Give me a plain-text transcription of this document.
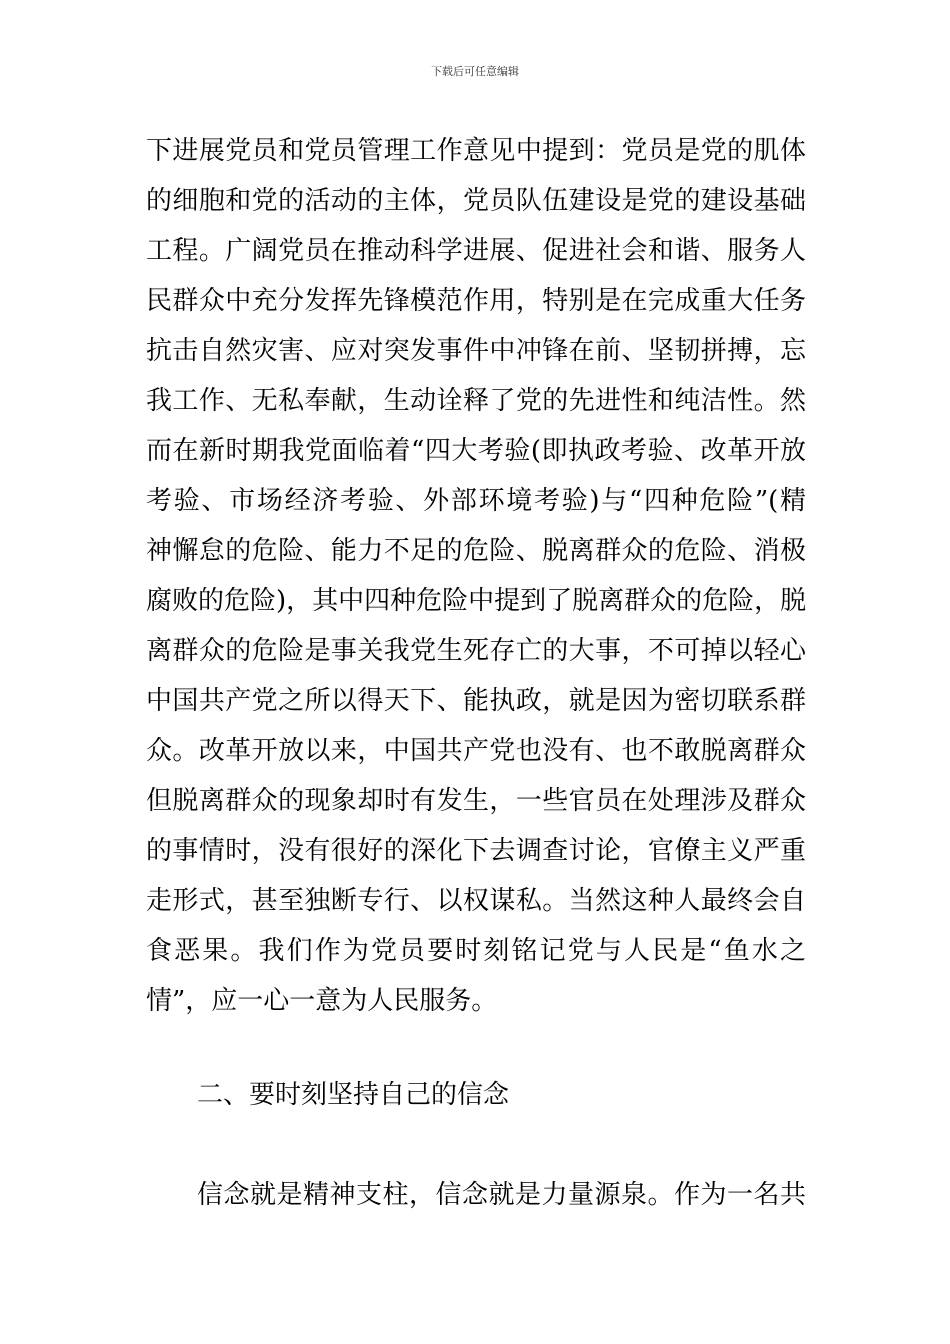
下载后可任意编辑
下进展党员和党员管理工作意见中提到：党员是党的肌体
的细胞和党的活动的主体，党员队伍建设是党的建设基础
工程。广阔党员在推动科学进展、促进社会和谐、服务人
民群众中充分发挥先锋模范作用，特别是在完成重大任务
抗击自然灾害、应对突发事件中冲锋在前、坚韧拼搏，忘
我工作、无私奉献，生动诠释了党的先进性和纯洁性。然
而在新时期我党面临着“四大考验(即执政考验、改革开放
考验、市场经济考验、外部环境考验)与“四种危险”(精
神懈怠的危险、能力不足的危险、脱离群众的危险、消极
腐败的危险)，其中四种危险中提到了脱离群众的危险，脱
离群众的危险是事关我党生死存亡的大事，不可掉以轻心
中国共产党之所以得天下、能执政，就是因为密切联系群
众。改革开放以来，中国共产党也没有、也不敢脱离群众
但脱离群众的现象却时有发生，一些官员在处理涉及群众
的事情时，没有很好的深化下去调查讨论，官僚主义严重
走形式，甚至独断专行、以权谋私。当然这种人最终会自
食恶果。我们作为党员要时刻铭记党与人民是“鱼水之
情”，应一心一意为人民服务。
二、要时刻坚持自己的信念
信念就是精神支柱，信念就是力量源泉。作为一名共
